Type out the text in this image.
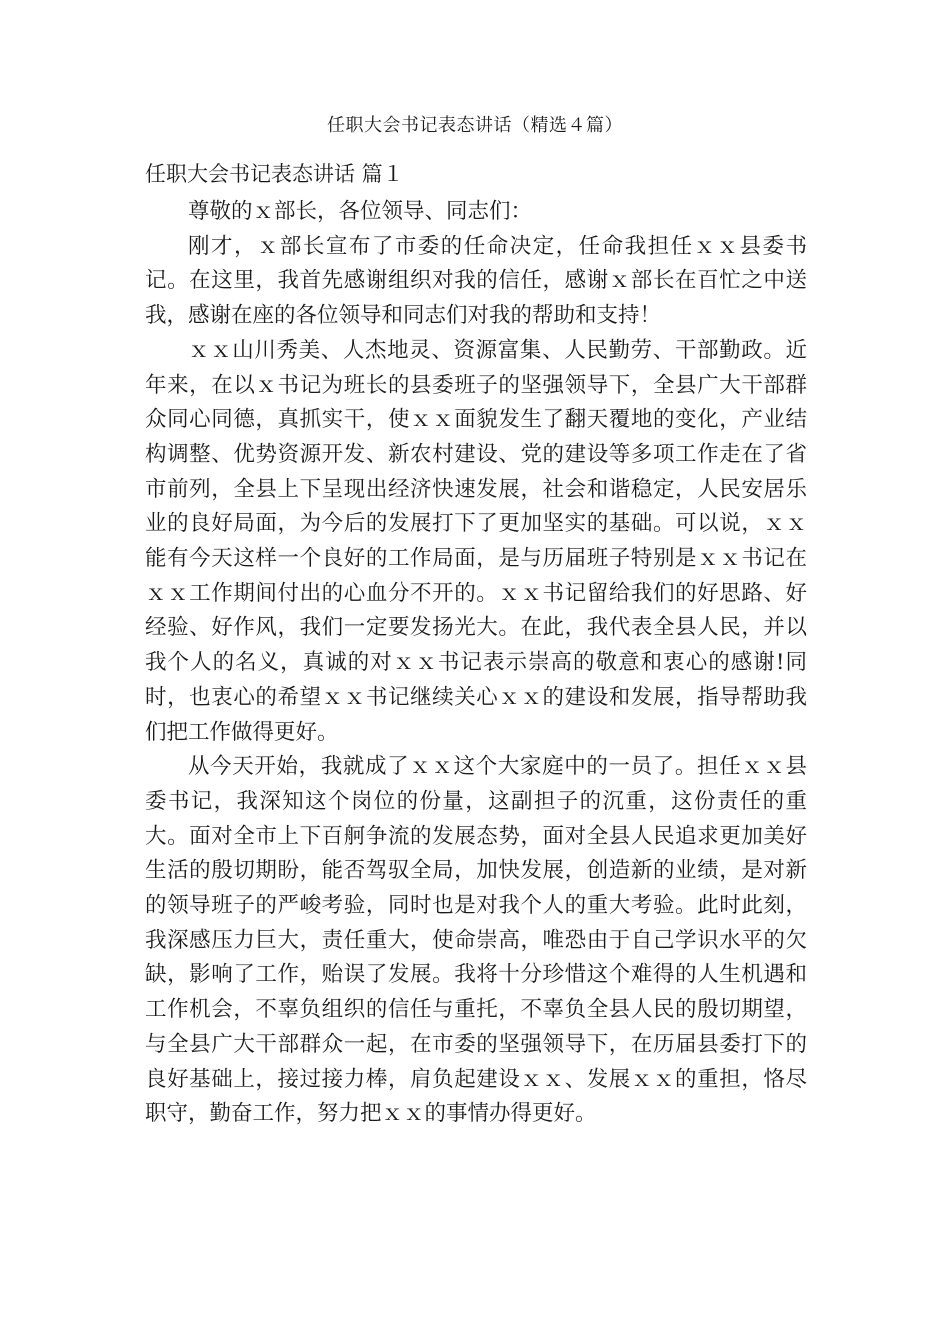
任职大会书记表态讲话（精选４篇）
任职大会书记表态讲话 篇１

尊敬的ｘ部长，各位领导、同志们：

刚才，ｘ部长宣布了市委的任命决定，任命我担任ｘｘ县委书记。在这里，我首先感谢组织对我的信任，感谢ｘ部长在百忙之中送我，感谢在座的各位领导和同志们对我的帮助和支持！

ｘｘ山川秀美、人杰地灵、资源富集、人民勤劳、干部勤政。近年来，在以ｘ书记为班长的县委班子的坚强领导下，全县广大干部群众同心同德，真抓实干，使ｘｘ面貌发生了翻天覆地的变化，产业结构调整、优势资源开发、新农村建设、党的建设等多项工作走在了省市前列，全县上下呈现出经济快速发展，社会和谐稳定，人民安居乐业的良好局面，为今后的发展打下了更加坚实的基础。可以说，ｘｘ能有今天这样一个良好的工作局面，是与历届班子特别是ｘｘ书记在ｘｘ工作期间付出的心血分不开的。ｘｘ书记留给我们的好思路、好经验、好作风，我们一定要发扬光大。在此，我代表全县人民，并以我个人的名义，真诚的对ｘｘ书记表示崇高的敬意和衷心的感谢!同时，也衷心的希望ｘｘ书记继续关心ｘｘ的建设和发展，指导帮助我们把工作做得更好。

从今天开始，我就成了ｘｘ这个大家庭中的一员了。担任ｘｘ县委书记，我深知这个岗位的份量，这副担子的沉重，这份责任的重大。面对全市上下百舸争流的发展态势，面对全县人民追求更加美好生活的殷切期盼，能否驾驭全局，加快发展，创造新的业绩，是对新的领导班子的严峻考验，同时也是对我个人的重大考验。此时此刻，我深感压力巨大，责任重大，使命崇高，唯恐由于自己学识水平的欠缺，影响了工作，贻误了发展。我将十分珍惜这个难得的人生机遇和工作机会，不辜负组织的信任与重托，不辜负全县人民的殷切期望，与全县广大干部群众一起，在市委的坚强领导下，在历届县委打下的良好基础上，接过接力棒，肩负起建设ｘｘ、发展ｘｘ的重担，恪尽职守，勤奋工作，努力把ｘｘ的事情办得更好。
